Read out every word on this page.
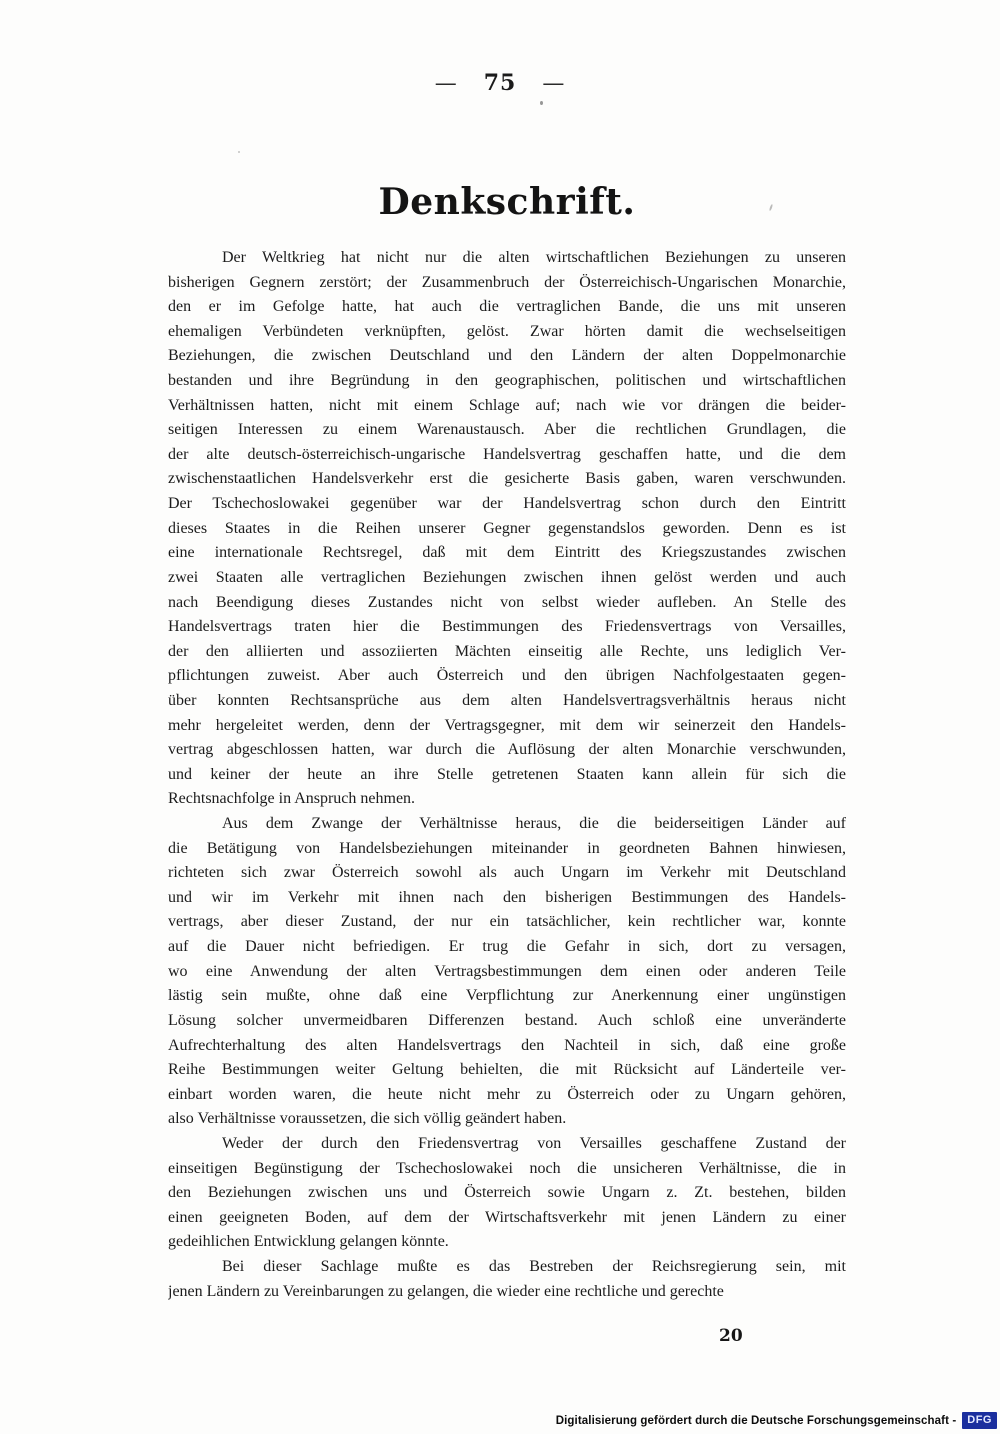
— 75 —
Denkschrift.
Der Weltkrieg hat nicht nur die alten wirtschaftlichen Beziehungen zu unseren
bisherigen Gegnern zerstört; der Zusammenbruch der Österreichisch-Ungarischen Monarchie,
den er im Gefolge hatte, hat auch die vertraglichen Bande, die uns mit unseren
ehemaligen Verbündeten verknüpften, gelöst. Zwar hörten damit die wechselseitigen
Beziehungen, die zwischen Deutschland und den Ländern der alten Doppelmonarchie
bestanden und ihre Begründung in den geographischen, politischen und wirtschaftlichen
Verhältnissen hatten, nicht mit einem Schlage auf; nach wie vor drängen die beider-
seitigen Interessen zu einem Warenaustausch. Aber die rechtlichen Grundlagen, die
der alte deutsch-österreichisch-ungarische Handelsvertrag geschaffen hatte, und die dem
zwischenstaatlichen Handelsverkehr erst die gesicherte Basis gaben, waren verschwunden.
Der Tschechoslowakei gegenüber war der Handelsvertrag schon durch den Eintritt
dieses Staates in die Reihen unserer Gegner gegenstandslos geworden. Denn es ist
eine internationale Rechtsregel, daß mit dem Eintritt des Kriegszustandes zwischen
zwei Staaten alle vertraglichen Beziehungen zwischen ihnen gelöst werden und auch
nach Beendigung dieses Zustandes nicht von selbst wieder aufleben. An Stelle des
Handelsvertrags traten hier die Bestimmungen des Friedensvertrags von Versailles,
der den alliierten und assoziierten Mächten einseitig alle Rechte, uns lediglich Ver-
pflichtungen zuweist. Aber auch Österreich und den übrigen Nachfolgestaaten gegen-
über konnten Rechtsansprüche aus dem alten Handelsvertragsverhältnis heraus nicht
mehr hergeleitet werden, denn der Vertragsgegner, mit dem wir seinerzeit den Handels-
vertrag abgeschlossen hatten, war durch die Auflösung der alten Monarchie verschwunden,
und keiner der heute an ihre Stelle getretenen Staaten kann allein für sich die
Rechtsnachfolge in Anspruch nehmen.
Aus dem Zwange der Verhältnisse heraus, die die beiderseitigen Länder auf
die Betätigung von Handelsbeziehungen miteinander in geordneten Bahnen hinwiesen,
richteten sich zwar Österreich sowohl als auch Ungarn im Verkehr mit Deutschland
und wir im Verkehr mit ihnen nach den bisherigen Bestimmungen des Handels-
vertrags, aber dieser Zustand, der nur ein tatsächlicher, kein rechtlicher war, konnte
auf die Dauer nicht befriedigen. Er trug die Gefahr in sich, dort zu versagen,
wo eine Anwendung der alten Vertragsbestimmungen dem einen oder anderen Teile
lästig sein mußte, ohne daß eine Verpflichtung zur Anerkennung einer ungünstigen
Lösung solcher unvermeidbaren Differenzen bestand. Auch schloß eine unveränderte
Aufrechterhaltung des alten Handelsvertrags den Nachteil in sich, daß eine große
Reihe Bestimmungen weiter Geltung behielten, die mit Rücksicht auf Länderteile ver-
einbart worden waren, die heute nicht mehr zu Österreich oder zu Ungarn gehören,
also Verhältnisse voraussetzen, die sich völlig geändert haben.
Weder der durch den Friedensvertrag von Versailles geschaffene Zustand der
einseitigen Begünstigung der Tschechoslowakei noch die unsicheren Verhältnisse, die in
den Beziehungen zwischen uns und Österreich sowie Ungarn z. Zt. bestehen, bilden
einen geeigneten Boden, auf dem der Wirtschaftsverkehr mit jenen Ländern zu einer
gedeihlichen Entwicklung gelangen könnte.
Bei dieser Sachlage mußte es das Bestreben der Reichsregierung sein, mit
jenen Ländern zu Vereinbarungen zu gelangen, die wieder eine rechtliche und gerechte
20
Digitalisierung gefördert durch die Deutsche Forschungsgemeinschaft -	DFG
